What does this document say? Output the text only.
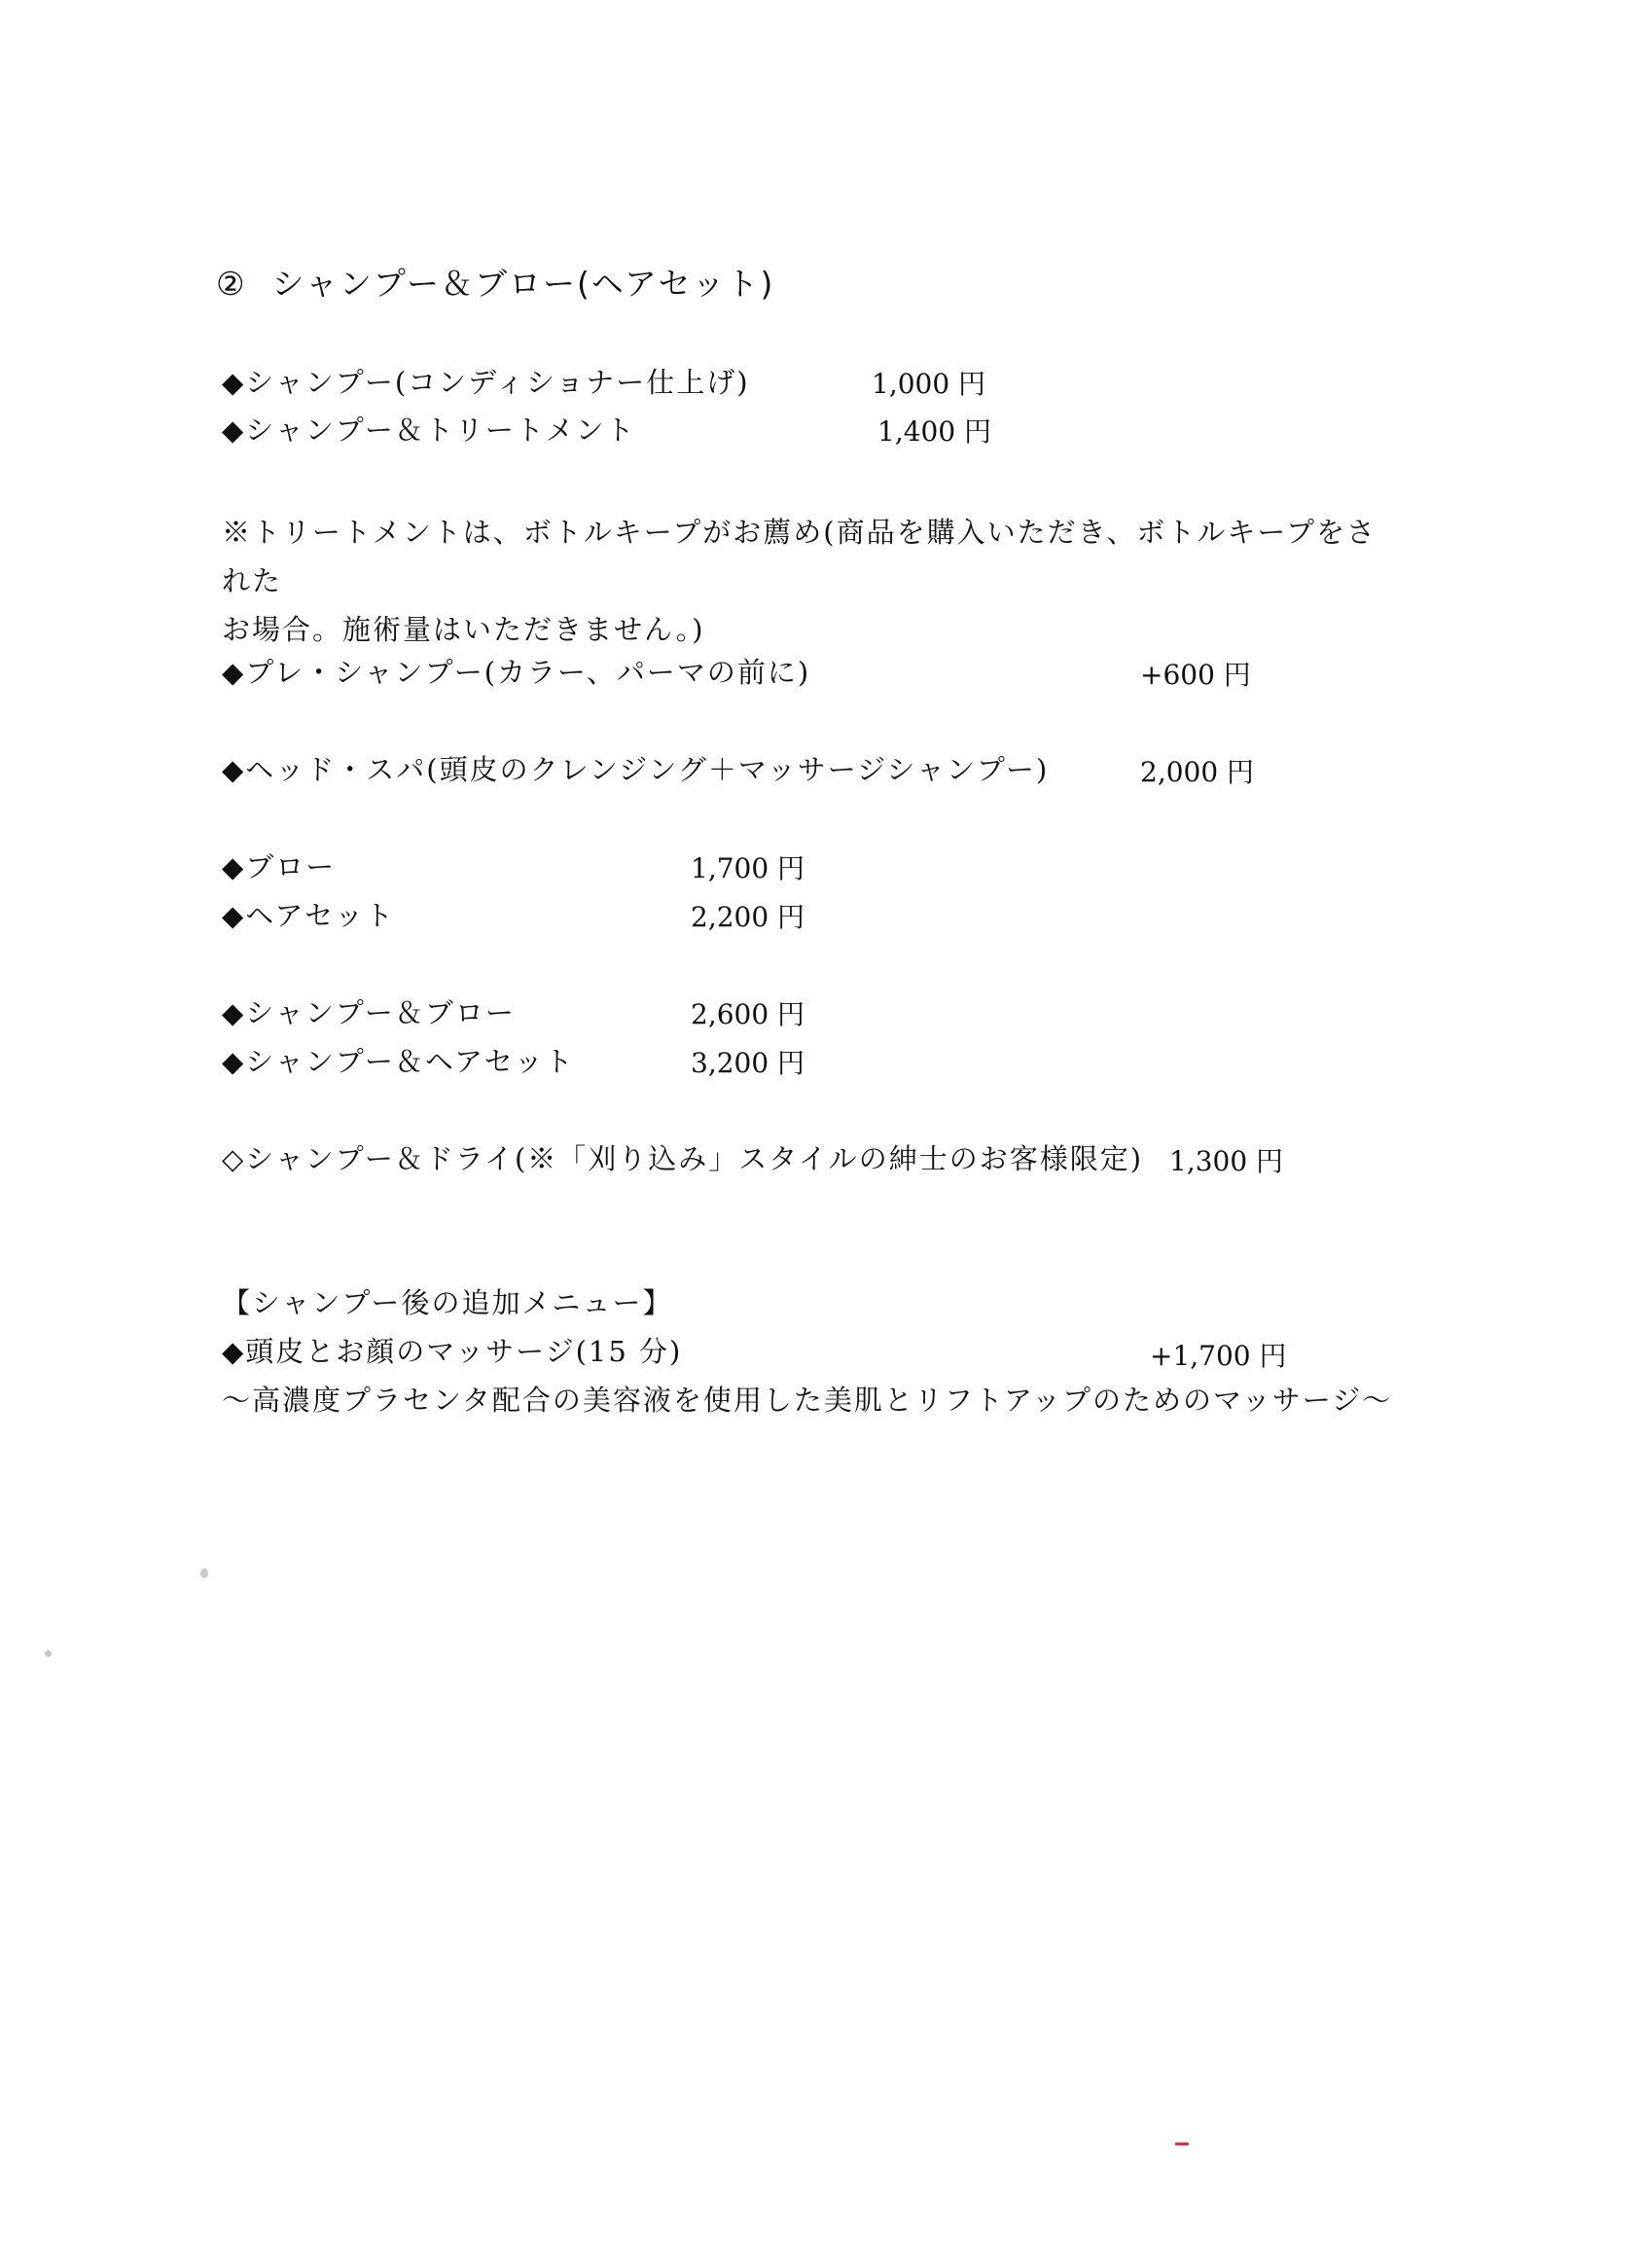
② シャンプー＆ブロー(ヘアセット)
◆シャンプー(コンディショナー仕上げ)	1,000 円
◆シャンプー＆トリートメント	1,400 円
※トリートメントは、ボトルキープがお薦め(商品を購入いただき、ボトルキープをされた
お場合。施術量はいただきません。)
◆プレ・シャンプー(カラー、パーマの前に)	+600 円
◆ヘッド・スパ(頭皮のクレンジング＋マッサージシャンプー)	2,000 円
◆ブロー	1,700 円
◆ヘアセット	2,200 円
◆シャンプー＆ブロー	2,600 円
◆シャンプー＆ヘアセット	3,200 円
◇シャンプー＆ドライ(※「刈り込み」スタイルの紳士のお客様限定) 1,300 円
【シャンプー後の追加メニュー】
◆頭皮とお顔のマッサージ(15 分)	+1,700 円
～高濃度プラセンタ配合の美容液を使用した美肌とリフトアップのためのマッサージ～
